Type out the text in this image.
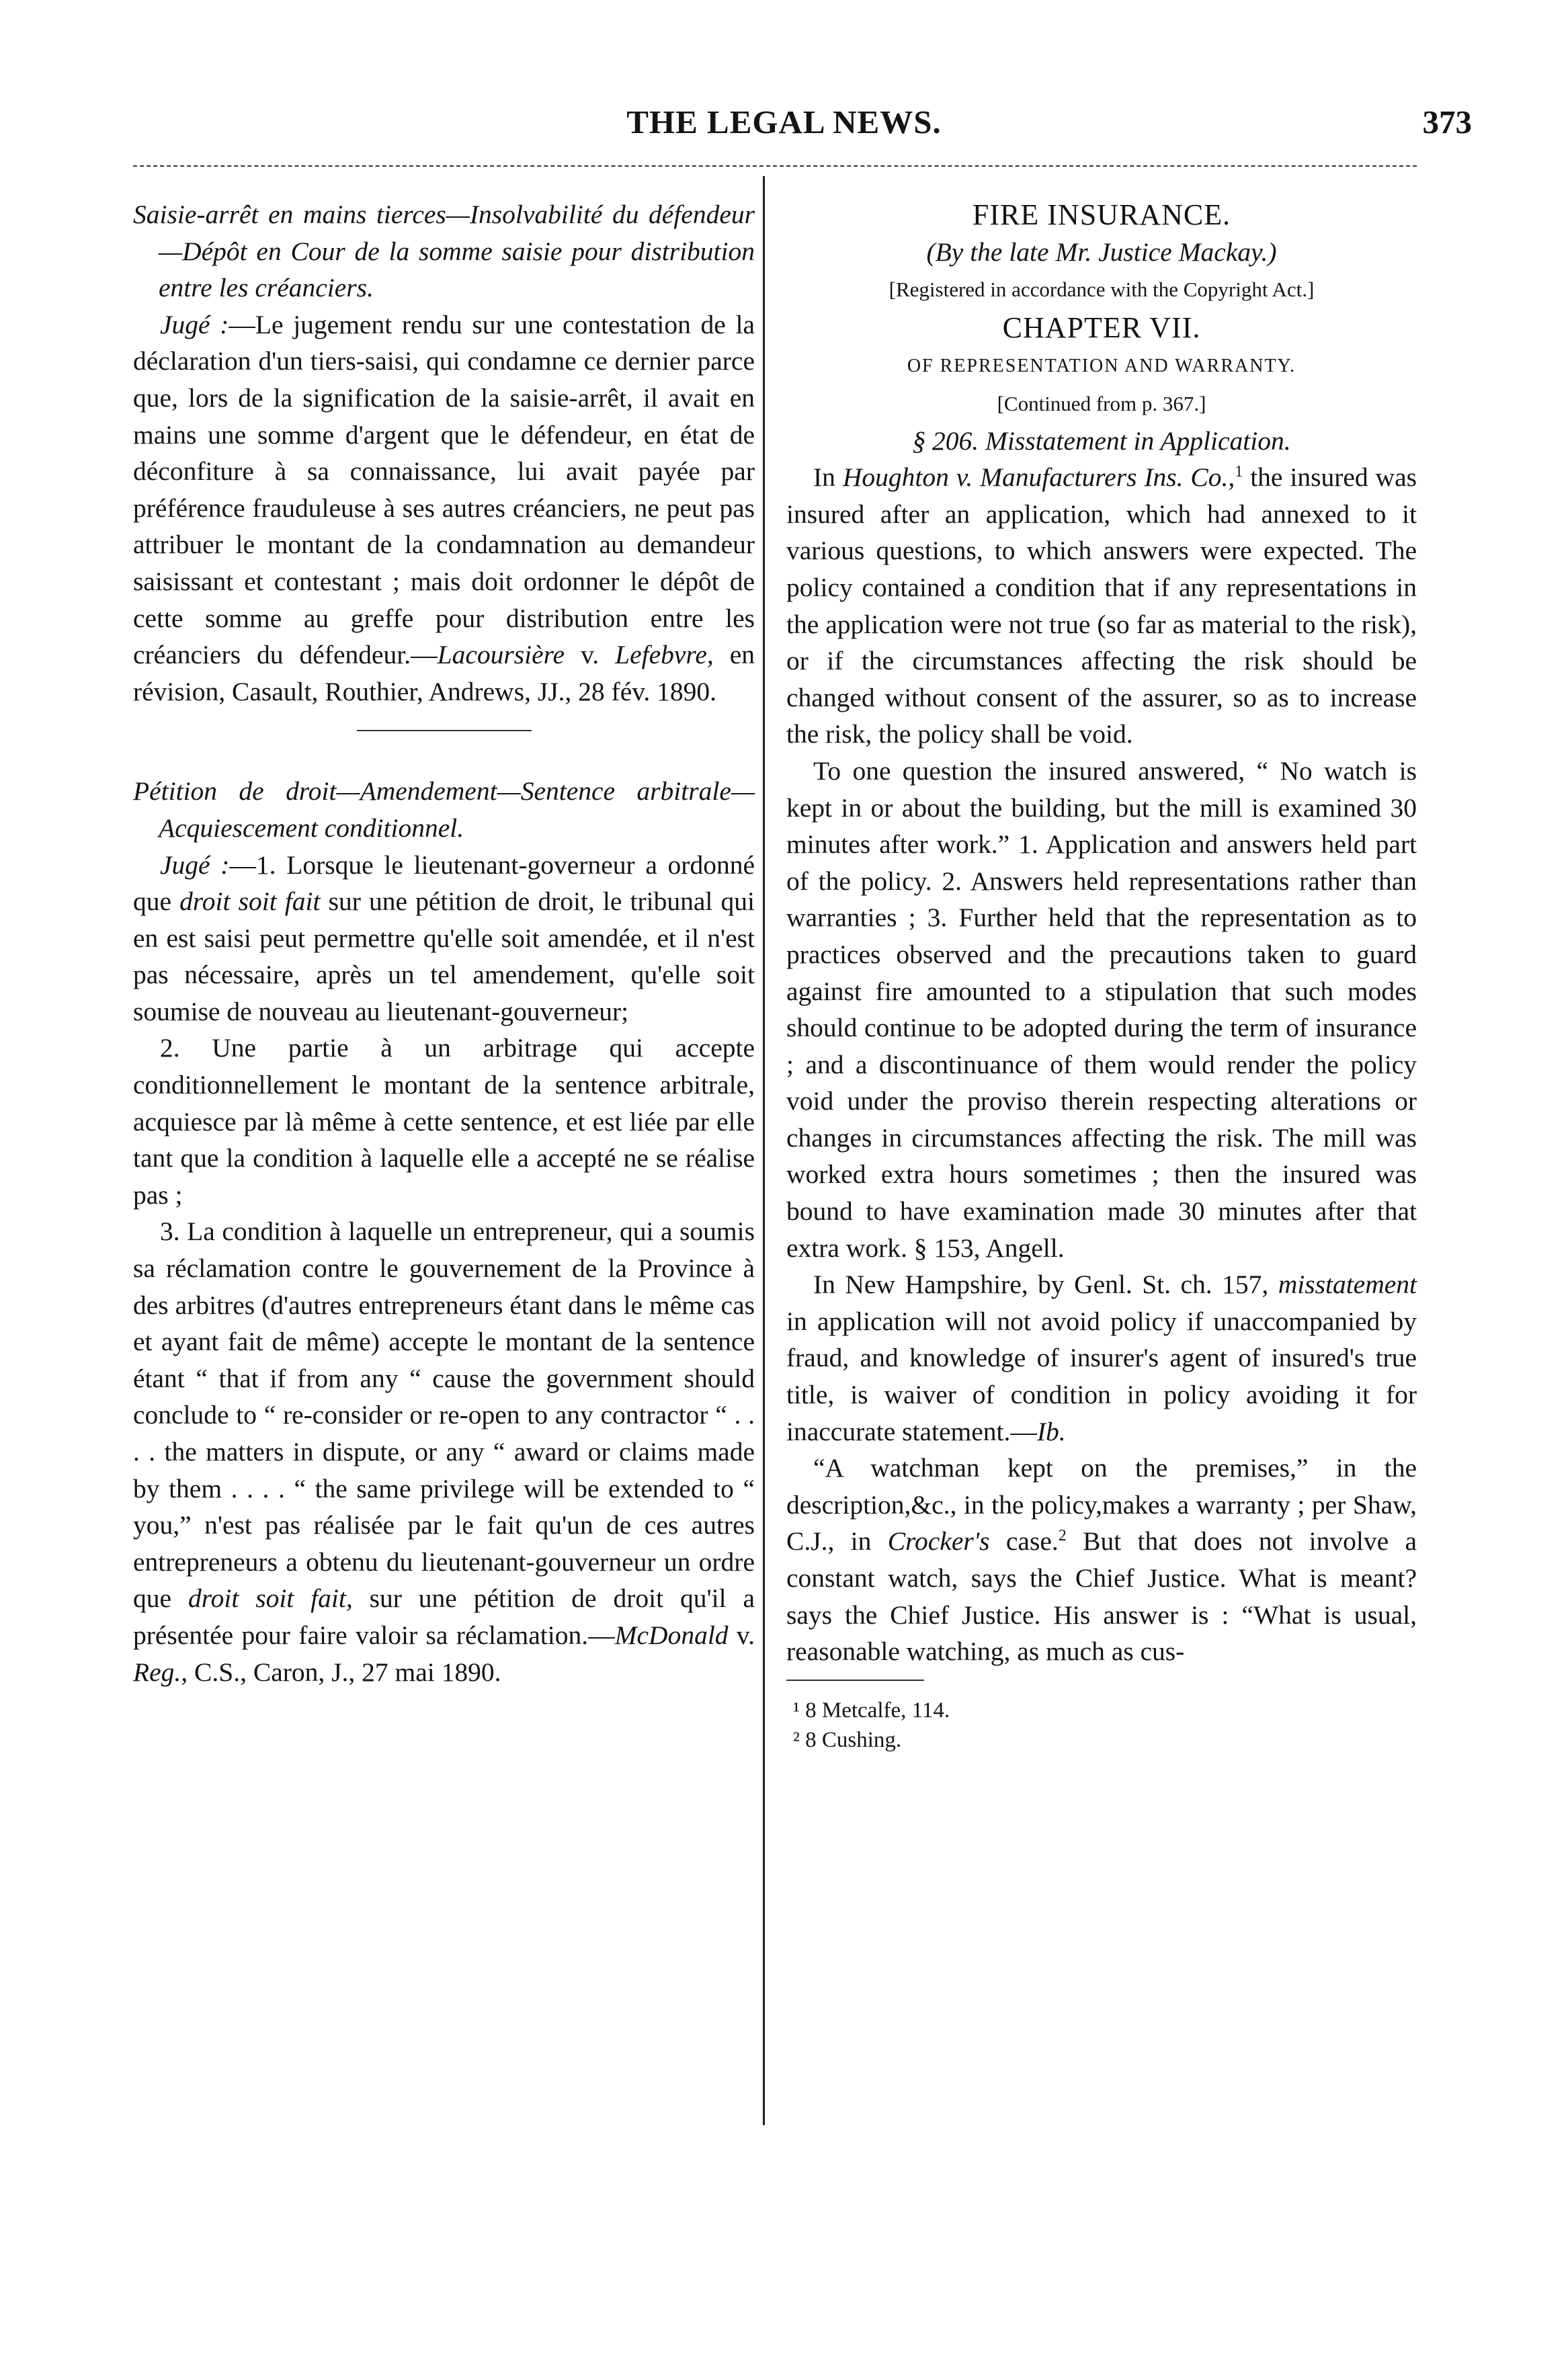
THE LEGAL NEWS.	373

Saisie-arrêt en mains tierces—Insolvabilité du défendeur—Dépôt en Cour de la somme saisie pour distribution entre les créanciers.

Jugé :—Le jugement rendu sur une contestation de la déclaration d'un tiers-saisi, qui condamne ce dernier parce que, lors de la signification de la saisie-arrêt, il avait en mains une somme d'argent que le défendeur, en état de déconfiture à sa connaissance, lui avait payée par préférence frauduleuse à ses autres créanciers, ne peut pas attribuer le montant de la condamnation au demandeur saisissant et contestant ; mais doit ordonner le dépôt de cette somme au greffe pour distribution entre les créanciers du défendeur.—Lacoursière v. Lefebvre, en révision, Casault, Routhier, Andrews, JJ., 28 fév. 1890.

Pétition de droit—Amendement—Sentence arbitrale—Acquiescement conditionnel.

Jugé :—1. Lorsque le lieutenant-governeur a ordonné que droit soit fait sur une pétition de droit, le tribunal qui en est saisi peut permettre qu'elle soit amendée, et il n'est pas nécessaire, après un tel amendement, qu'elle soit soumise de nouveau au lieutenant-gouverneur;

2. Une partie à un arbitrage qui accepte conditionnellement le montant de la sentence arbitrale, acquiesce par là même à cette sentence, et est liée par elle tant que la condition à laquelle elle a accepté ne se réalise pas ;

3. La condition à laquelle un entrepreneur, qui a soumis sa réclamation contre le gouvernement de la Province à des arbitres (d'autres entrepreneurs étant dans le même cas et ayant fait de même) accepte le montant de la sentence étant “ that if from any “ cause the government should conclude to “ re-consider or re-open to any contractor “ . . . . the matters in dispute, or any “ award or claims made by them . . . . “ the same privilege will be extended to “ you,” n'est pas réalisée par le fait qu'un de ces autres entrepreneurs a obtenu du lieutenant-gouverneur un ordre que droit soit fait, sur une pétition de droit qu'il a présentée pour faire valoir sa réclamation.—McDonald v. Reg., C.S., Caron, J., 27 mai 1890.

FIRE INSURANCE.

(By the late Mr. Justice Mackay.)

[Registered in accordance with the Copyright Act.]

CHAPTER VII.

OF REPRESENTATION AND WARRANTY.

[Continued from p. 367.]

§ 206. Misstatement in Application.

In Houghton v. Manufacturers Ins. Co.,$^1$ the insured was insured after an application, which had annexed to it various questions, to which answers were expected. The policy contained a condition that if any representations in the application were not true (so far as material to the risk), or if the circumstances affecting the risk should be changed without consent of the assurer, so as to increase the risk, the policy shall be void.

To one question the insured answered, “ No watch is kept in or about the building, but the mill is examined 30 minutes after work.” 1. Application and answers held part of the policy. 2. Answers held representations rather than warranties ; 3. Further held that the representation as to practices observed and the precautions taken to guard against fire amounted to a stipulation that such modes should continue to be adopted during the term of insurance ; and a discontinuance of them would render the policy void under the proviso therein respecting alterations or changes in circumstances affecting the risk. The mill was worked extra hours sometimes ; then the insured was bound to have examination made 30 minutes after that extra work. § 153, Angell.

In New Hampshire, by Genl. St. ch. 157, misstatement in application will not avoid policy if unaccompanied by fraud, and knowledge of insurer's agent of insured's true title, is waiver of condition in policy avoiding it for inaccurate statement.—Ib.

“A watchman kept on the premises,” in the description,&c., in the policy,makes a warranty ; per Shaw, C.J., in Crocker's case.$^2$ But that does not involve a constant watch, says the Chief Justice. What is meant? says the Chief Justice. His answer is : “What is usual, reasonable watching, as much as cus-

¹ 8 Metcalfe, 114.
² 8 Cushing.
